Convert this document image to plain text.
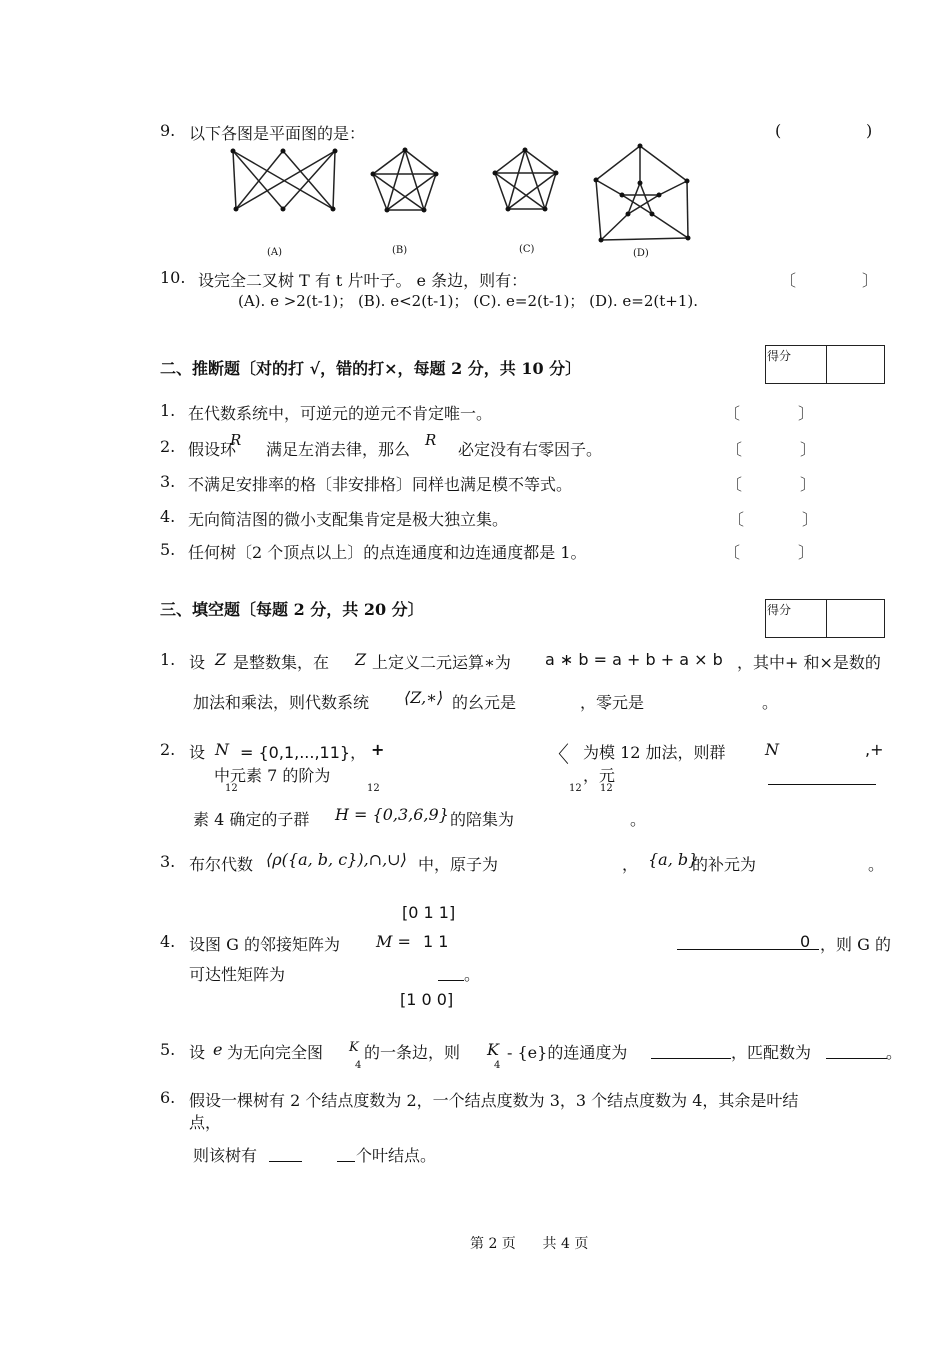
9. 以下各图是平面图的是：	(	)
(A)	(B)	(C)	(D)
10. 设完全二叉树 T 有 t 片叶子。 e 条边，则有：	〔	〕
(A). e >2(t-1)； (B). e<2(t-1)； (C). e=2(t-1)； (D). e=2(t+1).
二、推断题〔对的打 √，错的打×，每题 2 分，共 10 分〕
得分
1. 在代数系统中，可逆元的逆元不肯定唯一。
2. 假设环
R 满足左消去律，那么 R 必定没有右零因子。
3. 不满足安排率的格〔非安排格〕同样也满足模不等式。
4. 无向简洁图的微小支配集肯定是极大独立集。
5. 任何树〔2 个顶点以上〕的点连通度和边连通度都是 1。
〔	〕
〔	〕
〔	〕
〔	〕
〔	〕
三、填空题〔每题 2 分，共 20 分〕	得分
1. 设 Z 是整数集，在 Z 上定义二元运算∗为 a ∗ b = a + b + a × b ，其中+ 和×是数的
加法和乘法，则代数系统 ⟨Z,∗⟩ 的幺元是	，零元是	。
2. 设 N = {0,1,...,11}，
12
+
12
〈 为模 12 加法，则群 N	,+
中元素 7 的阶为	，元
12 12
素 4 确定的子群 H = {0,3,6,9} 的陪集为	。
3. 布尔代数 ⟨ρ({a, b, c}),∩,∪⟩ 中，原子为	， {a, b}
的补元为	。
[0 1 1]
4. 设图 G 的邻接矩阵为 M = 1 1	0 ，则 G 的
可达性矩阵为	。
[1 0 0]
5. 设 e 为无向完全图 K
4
的一条边，则 K
4
- {e}的连通度为	，匹配数为	。
6. 假设一棵树有 2 个结点度数为 2，一个结点度数为 3，3 个结点度数为 4，其余是叶结
点，
则该树有	个叶结点。
第 2 页      共 4 页
